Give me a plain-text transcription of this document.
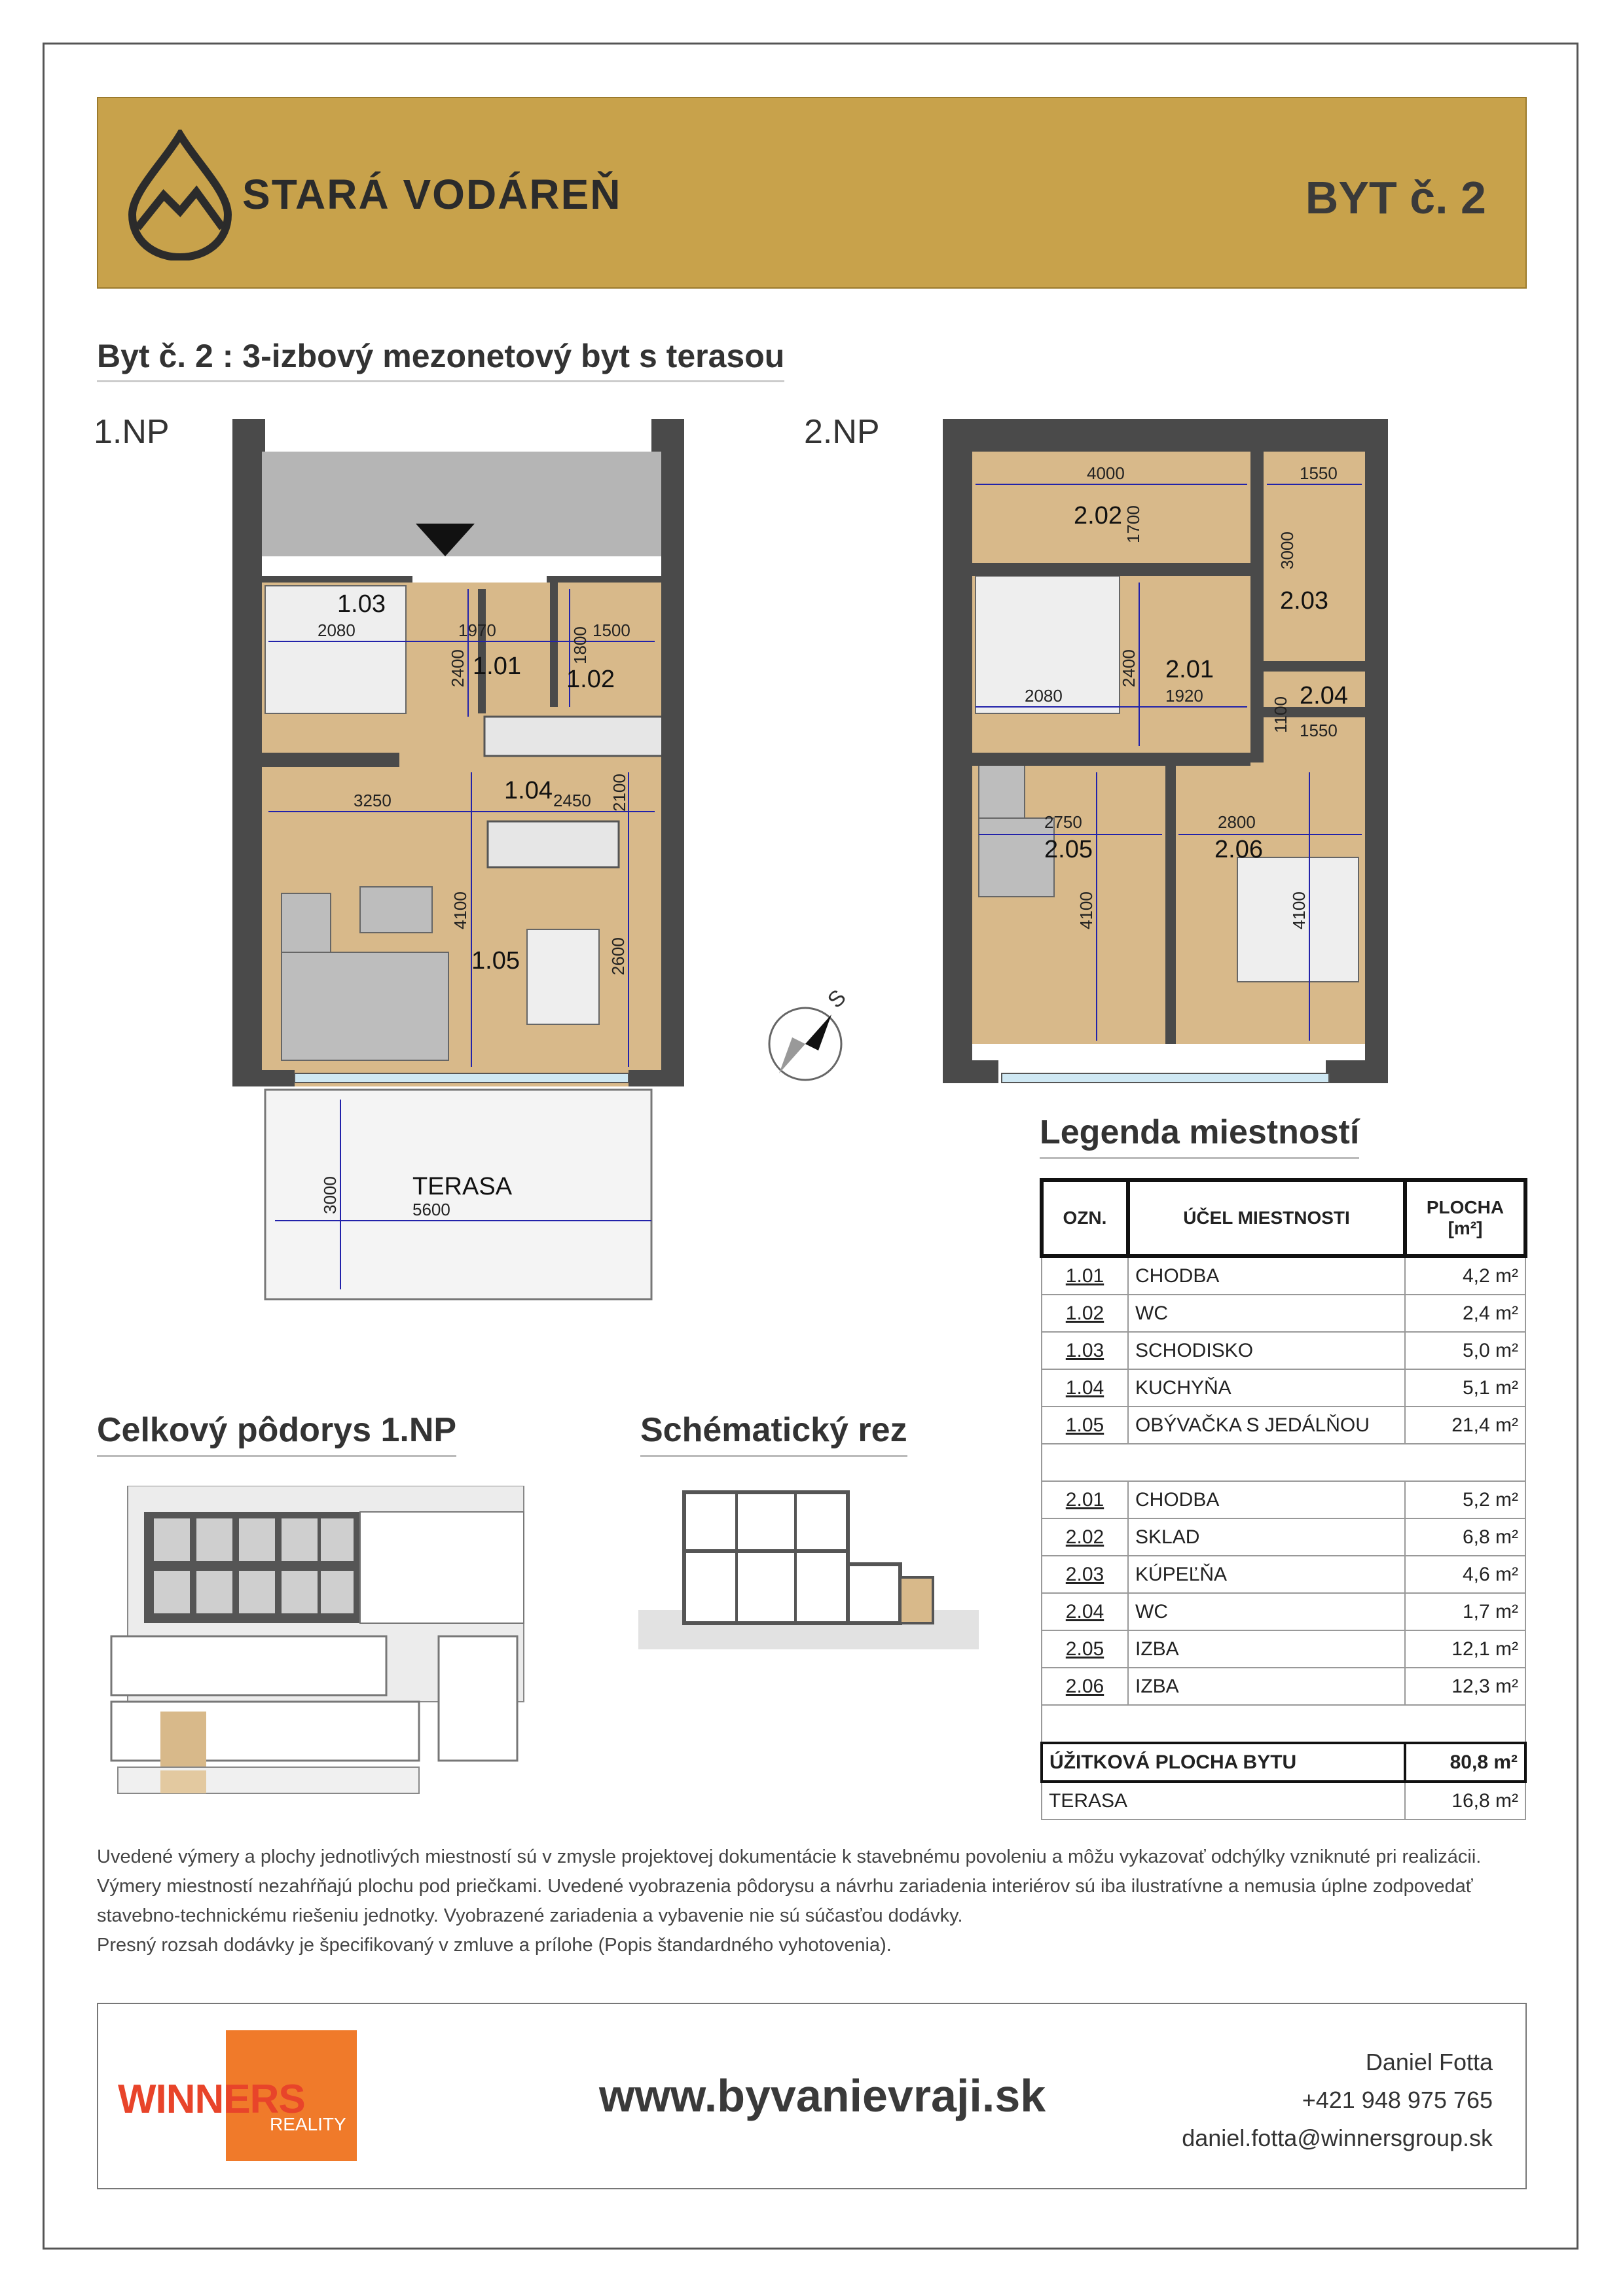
STARÁ VODÁREŇ	BYT č. 2
Byt č. 2 : 3-izbový mezonetový byt s terasou
1.NP	2.NP
1.03
1.01 1.02
1.04
1.05
TERASA
2080	1970	1500
1800
2400
2100
3250	2450
4100
2600
3000	5600
2.02
2.01
2.03
2.04
2.05	2.06
4000	1550
1700
3000
2080	1920
2400
1100 1550
2750	2800
4100	4100
S
Celkový pôdorys 1.NP	Schématický rez
Legenda miestností
OZN.	ÚČEL MIESTNOSTI	PLOCHA
[m²]
1.01	CHODBA	4,2 m²
1.02	WC	2,4 m²
1.03	SCHODISKO	5,0 m²
1.04	KUCHYŇA	5,1 m²
1.05	OBÝVAČKA S JEDÁLŇOU	21,4 m²

2.01	CHODBA	5,2 m²
2.02	SKLAD	6,8 m²
2.03	KÚPEĽŇA	4,6 m²
2.04	WC	1,7 m²
2.05	IZBA	12,1 m²
2.06	IZBA	12,3 m²

ÚŽITKOVÁ PLOCHA BYTU		80,8 m²
TERASA		16,8 m²
Uvedené výmery a plochy jednotlivých miestností sú v zmysle projektovej dokumentácie k stavebnému povoleniu a môžu vykazovať odchýlky vzniknuté pri realizácii.
Výmery miestností nezahŕňajú plochu pod priečkami. Uvedené vyobrazenia pôdorysu a návrhu zariadenia interiérov sú iba ilustratívne a nemusia úplne zodpovedať
stavebno-technickému riešeniu jednotky. Vyobrazené zariadenia a vybavenie nie sú súčasťou dodávky.
Presný rozsah dodávky je špecifikovaný v zmluve a prílohe (Popis štandardného vyhotovenia).
WINNERS
REALITY
www.byvanievraji.sk
Daniel Fotta
+421 948 975 765
daniel.fotta@winnersgroup.sk
